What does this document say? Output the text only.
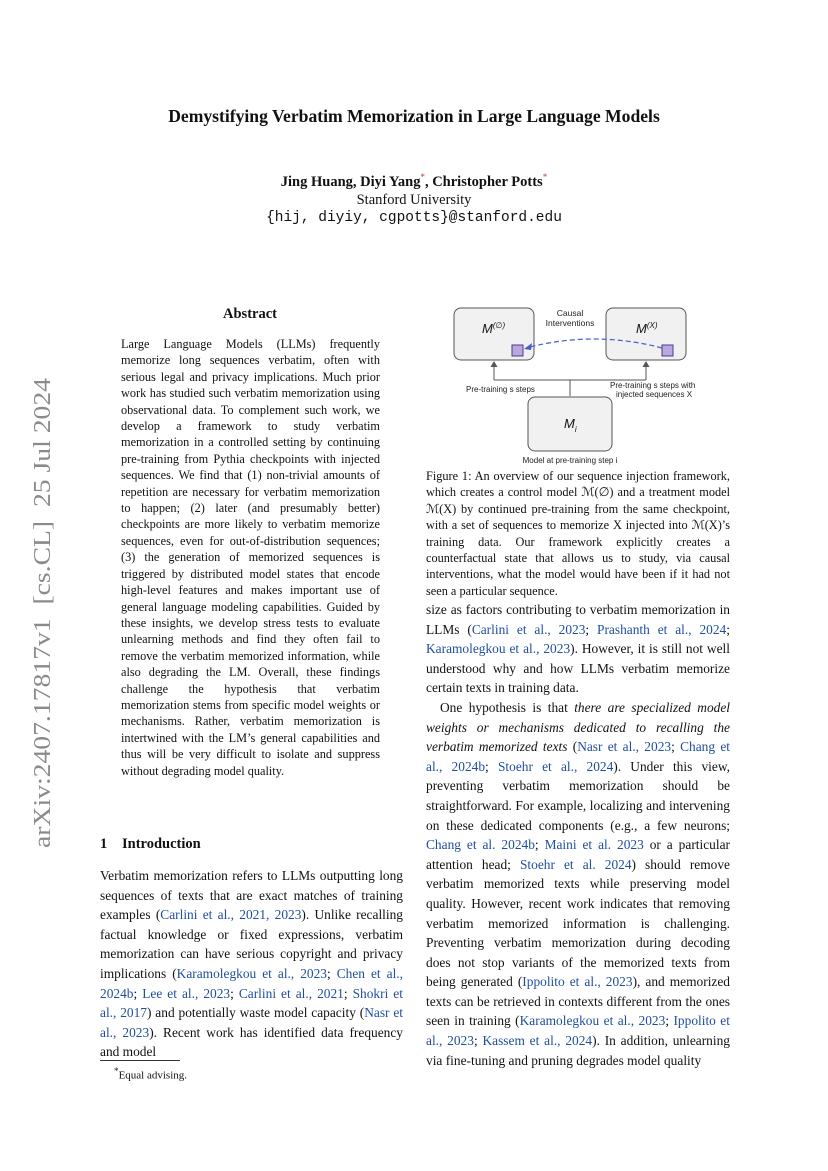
Demystifying Verbatim Memorization in Large Language Models
Jing Huang, Diyi Yang*, Christopher Potts*
Stanford University
{hij, diyiy, cgpotts}@stanford.edu
arXiv:2407.17817v1  [cs.CL]  25 Jul 2024
Abstract
Large Language Models (LLMs) frequently memorize long sequences verbatim, often with serious legal and privacy implications. Much prior work has studied such verbatim memorization using observational data. To complement such work, we develop a framework to study verbatim memorization in a controlled setting by continuing pre-training from Pythia checkpoints with injected sequences. We find that (1) non-trivial amounts of repetition are necessary for verbatim memorization to happen; (2) later (and presumably better) checkpoints are more likely to verbatim memorize sequences, even for out-of-distribution sequences; (3) the generation of memorized sequences is triggered by distributed model states that encode high-level features and makes important use of general language modeling capabilities. Guided by these insights, we develop stress tests to evaluate unlearning methods and find they often fail to remove the verbatim memorized information, while also degrading the LM. Overall, these findings challenge the hypothesis that verbatim memorization stems from specific model weights or mechanisms. Rather, verbatim memorization is intertwined with the LM’s general capabilities and thus will be very difficult to isolate and suppress without degrading model quality.
1 Introduction

Verbatim memorization refers to LLMs outputting long sequences of texts that are exact matches of training examples (Carlini et al., 2021, 2023). Unlike recalling factual knowledge or fixed expressions, verbatim memorization can have serious copyright and privacy implications (Karamolegkou et al., 2023; Chen et al., 2024b; Lee et al., 2023; Carlini et al., 2021; Shokri et al., 2017) and potentially waste model capacity (Nasr et al., 2023). Recent work has identified data frequency and model

*Equal advising.
M(∅)	$M^{(X)}$
Causal
Interventions
Pre-training s steps	Pre-training s steps with
injected sequences X
$M_i$
Model at pre-training step i
Figure 1: An overview of our sequence injection framework, which creates a control model ℳ(∅) and a treatment model ℳ(X) by continued pre-training from the same checkpoint, with a set of sequences to memorize X injected into ℳ(X)’s training data. Our framework explicitly creates a counterfactual state that allows us to study, via causal interventions, what the model would have been if it had not seen a particular sequence.

size as factors contributing to verbatim memorization in LLMs (Carlini et al., 2023; Prashanth et al., 2024; Karamolegkou et al., 2023). However, it is still not well understood why and how LLMs verbatim memorize certain texts in training data.

One hypothesis is that there are specialized model weights or mechanisms dedicated to recalling the verbatim memorized texts (Nasr et al., 2023; Chang et al., 2024b; Stoehr et al., 2024). Under this view, preventing verbatim memorization should be straightforward. For example, localizing and intervening on these dedicated components (e.g., a few neurons; Chang et al. 2024b; Maini et al. 2023 or a particular attention head; Stoehr et al. 2024) should remove verbatim memorized texts while preserving model quality. However, recent work indicates that removing verbatim memorized information is challenging. Preventing verbatim memorization during decoding does not stop variants of the memorized texts from being generated (Ippolito et al., 2023), and memorized texts can be retrieved in contexts different from the ones seen in training (Karamolegkou et al., 2023; Ippolito et al., 2023; Kassem et al., 2024). In addition, unlearning via fine-tuning and pruning degrades model quality
